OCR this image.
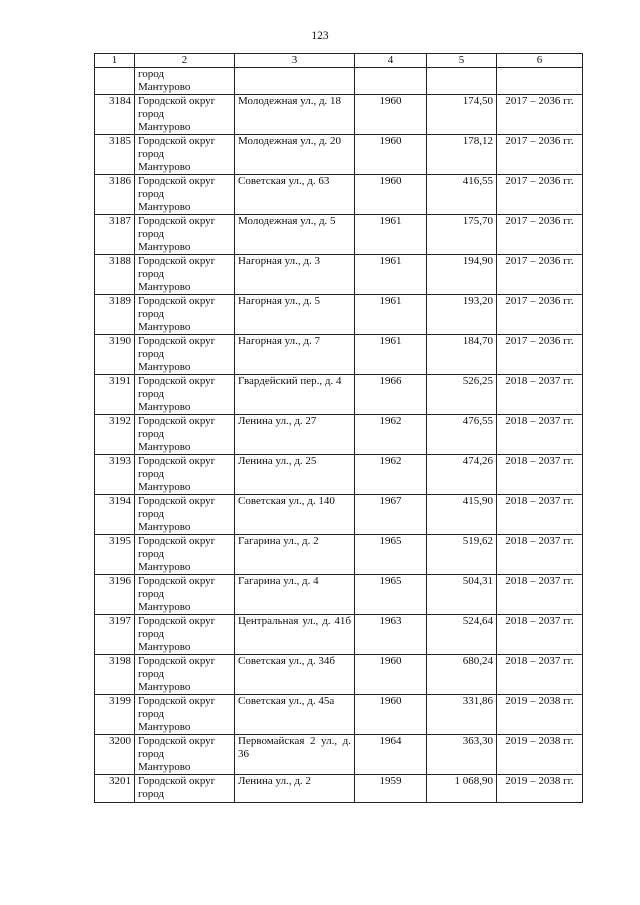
123
1	2	3	4	5	6
	город
Мантурово				
3184	Городской округ
город
Мантурово	Молодежная ул., д. 18	1960	174,50	2017 – 2036 гг.
3185	Городской округ
город
Мантурово	Молодежная ул., д. 20	1960	178,12	2017 – 2036 гг.
3186	Городской округ
город
Мантурово	Советская ул., д. 63	1960	416,55	2017 – 2036 гг.
3187	Городской округ
город
Мантурово	Молодежная ул., д. 5	1961	175,70	2017 – 2036 гг.
3188	Городской округ
город
Мантурово	Нагорная ул., д. 3	1961	194,90	2017 – 2036 гг.
3189	Городской округ
город
Мантурово	Нагорная ул., д. 5	1961	193,20	2017 – 2036 гг.
3190	Городской округ
город
Мантурово	Нагорная ул., д. 7	1961	184,70	2017 – 2036 гг.
3191	Городской округ
город
Мантурово	Гвардейский пер., д. 4	1966	526,25	2018 – 2037 гг.
3192	Городской округ
город
Мантурово	Ленина ул., д. 27	1962	476,55	2018 – 2037 гг.
3193	Городской округ
город
Мантурово	Ленина ул., д. 25	1962	474,26	2018 – 2037 гг.
3194	Городской округ
город
Мантурово	Советская ул., д. 140	1967	415,90	2018 – 2037 гг.
3195	Городской округ
город
Мантурово	Гагарина ул., д. 2	1965	519,62	2018 – 2037 гг.
3196	Городской округ
город
Мантурово	Гагарина ул., д. 4	1965	504,31	2018 – 2037 гг.
3197	Городской округ
город
Мантурово	Центральная ул., д. 41б	1963	524,64	2018 – 2037 гг.
3198	Городской округ
город
Мантурово	Советская ул., д. 34б	1960	680,24	2018 – 2037 гг.
3199	Городской округ
город
Мантурово	Советская ул., д. 45а	1960	331,86	2019 – 2038 гг.
3200	Городской округ
город
Мантурово	Первомайская 2 ул., д. 36	1964	363,30	2019 – 2038 гг.
3201	Городской округ
город	Ленина ул., д. 2	1959	1 068,90	2019 – 2038 гг.
